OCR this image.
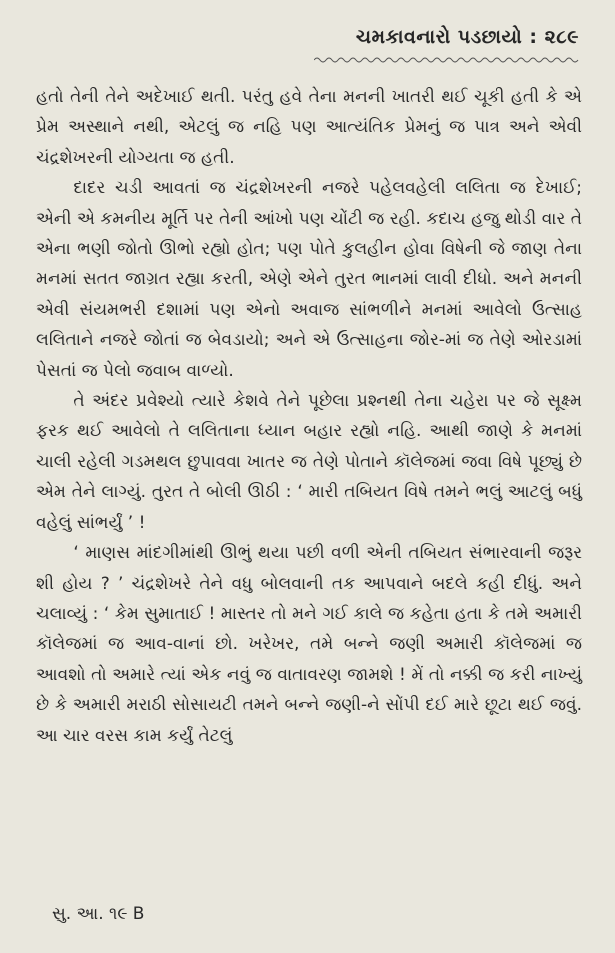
ચમકાવનારો પડછાયો : ૨૮૯

હતો તેની તેને અદેખાઈ થતી. પરંતુ હવે તેના મનની ખાતરી થઈ ચૂકી હતી કે એ પ્રેમ અસ્થાને નથી, એટલું જ નહિ પણ આત્યંતિક પ્રેમનું જ પાત્ર અને એવી ચંદ્રશેખરની યોગ્યતા જ હતી.

દાદર ચડી આવતાં જ ચંદ્રશેખરની નજરે પહેલવહેલી લલિતા જ દેખાઈ; એની એ કમનીય મૂર્તિ પર તેની આંખો પણ ચોંટી જ રહી. કદાચ હજુ થોડી વાર તે એના ભણી જોતો ઊભો રહ્યો હોત; પણ પોતે કુલહીન હોવા વિષેની જે જાણ તેના મનમાં સતત જાગ્રત રહ્યા કરતી, એણે એને તુરત ભાનમાં લાવી દીધો. અને મનની એવી સંયમભરી દશામાં પણ એનો અવાજ સાંભળીને મનમાં આવેલો ઉત્સાહ લલિતાને નજરે જોતાં જ બેવડાયો; અને એ ઉત્સાહના જોર-માં જ તેણે ઓરડામાં પેસતાં જ પેલો જવાબ વાળ્યો.

તે અંદર પ્રવેશ્યો ત્યારે કેશવે તેને પૂછેલા પ્રશ્નથી તેના ચહેરા પર જે સૂક્ષ્મ ફરક થઈ આવેલો તે લલિતાના ધ્યાન બહાર રહ્યો નહિ. આથી જાણે કે મનમાં ચાલી રહેલી ગડમથલ છુપાવવા ખાતર જ તેણે પોતાને કૉલેજમાં જવા વિષે પૂછ્યું છે એમ તેને લાગ્યું. તુરત તે બોલી ઊઠી : ‘ મારી તબિયત વિષે તમને ભલું આટલું બધું વહેલું સાંભર્યું ’ !

‘ માણસ માંદગીમાંથી ઊભું થયા પછી વળી એની તબિયત સંભારવાની જરૂર શી હોય ? ’ ચંદ્રશેખરે તેને વધુ બોલવાની તક આપવાને બદલે કહી દીધું. અને ચલાવ્યું : ‘ કેમ સુમાતાઈ ! માસ્તર તો મને ગઈ કાલે જ કહેતા હતા કે તમે અમારી કૉલેજમાં જ આવ-વાનાં છો. ખરેખર, તમે બન્ને જણી અમારી કૉલેજમાં જ આવશો તો અમારે ત્યાં એક નવું જ વાતાવરણ જામશે ! મેં તો નક્કી જ કરી નાખ્યું છે કે અમારી મરાઠી સોસાયટી તમને બન્ને જણી-ને સોંપી દઈ મારે છૂટા થઈ જવું. આ ચાર વરસ કામ કર્યું તેટલું

સુ. આ. ૧૯ B
